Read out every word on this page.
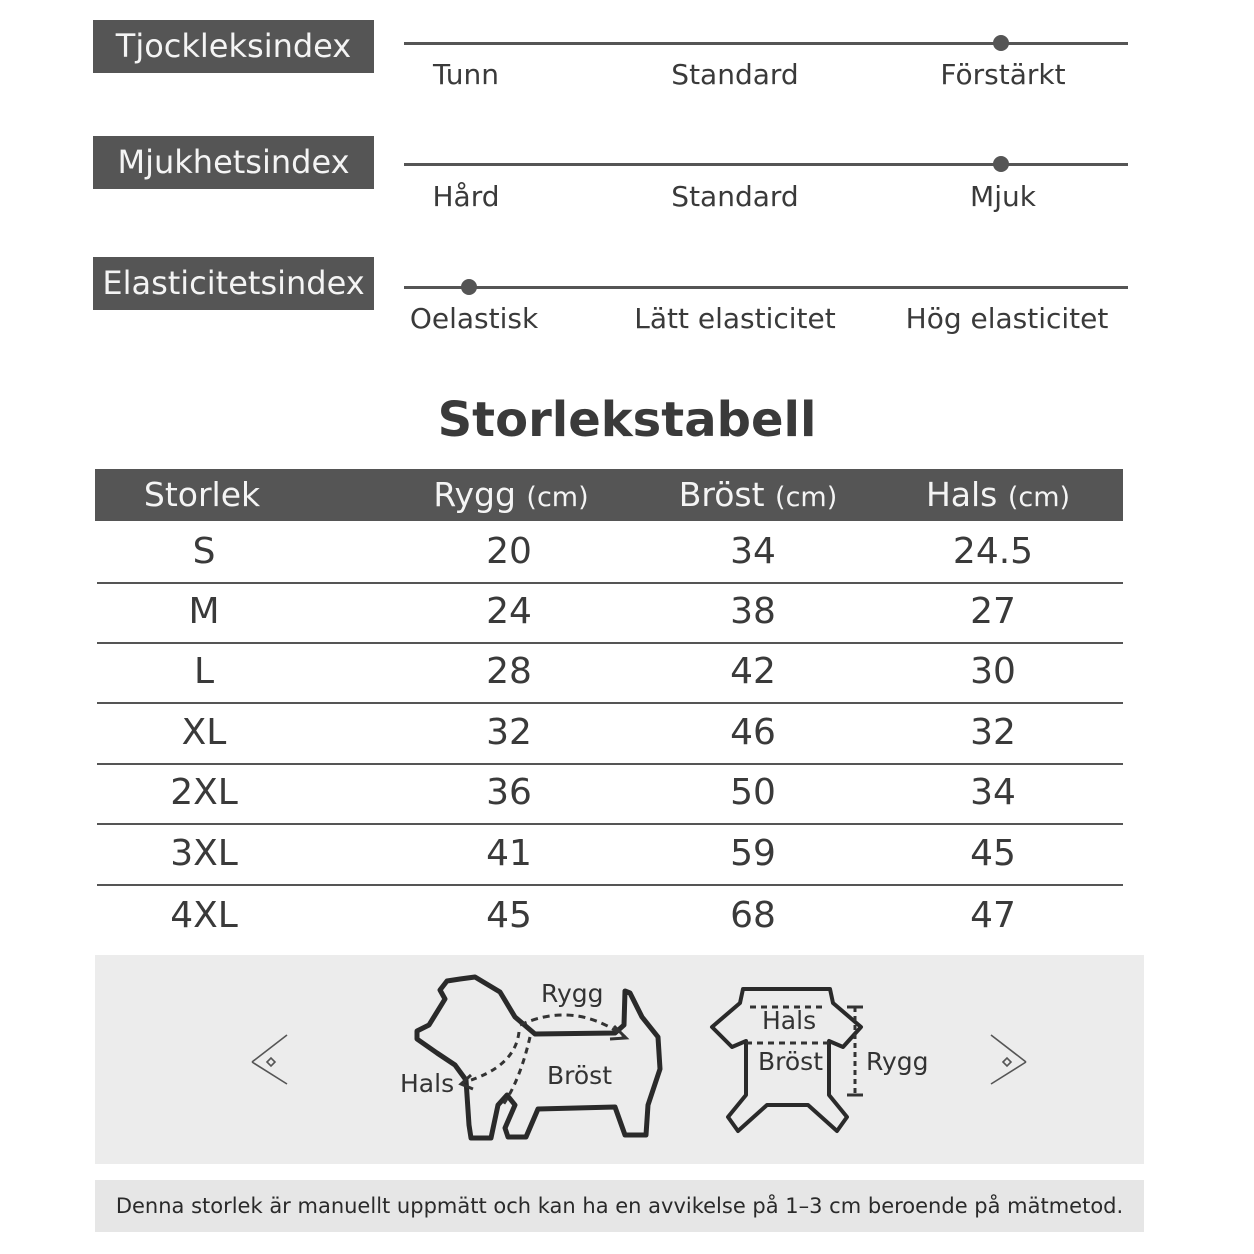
Tjockleksindex
Tunn	Standard	Förstärkt
Mjukhetsindex
Hård	Standard	Mjuk
Elasticitetsindex
Oelastisk	Lätt elasticitet Hög elasticitet
Storlekstabell
Storlek	Rygg (cm)	Bröst (cm)	Hals (cm)
S	20	34	24.5
M	24	38	27
L	28	42	30
XL	32	46	32
2XL	36	50	34
3XL	41	59	45
4XL	45	68	47
Rygg
Hals	Bröst
Hals
Bröst Rygg
Denna storlek är manuellt uppmätt och kan ha en avvikelse på 1–3 cm beroende på mätmetod.
